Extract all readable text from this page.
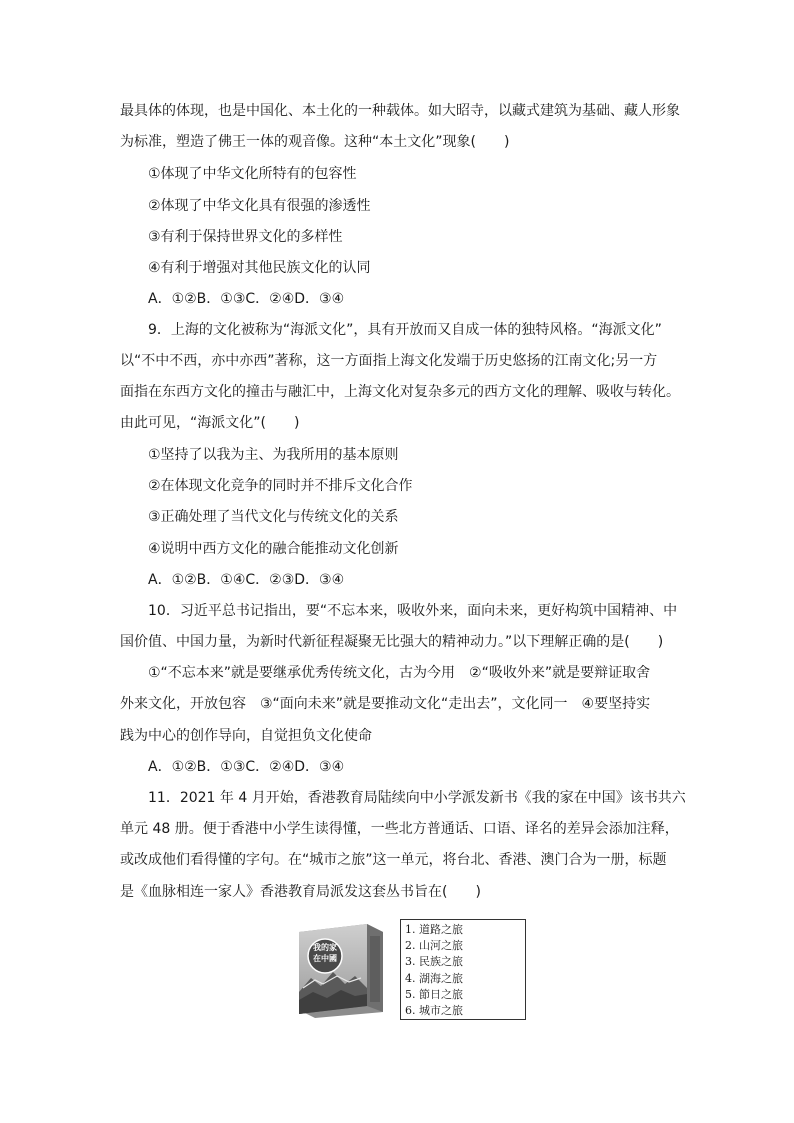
最具体的体现，也是中国化、本土化的一种载体。如大昭寺，以藏式建筑为基础、藏人形象
为标准，塑造了佛王一体的观音像。这种“本土文化”现象(　　)
①体现了中华文化所特有的包容性
②体现了中华文化具有很强的渗透性
③有利于保持世界文化的多样性
④有利于增强对其他民族文化的认同
A．①②B．①③C．②④D．③④
9．上海的文化被称为“海派文化”，具有开放而又自成一体的独特风格。“海派文化”
以“不中不西，亦中亦西”著称，这一方面指上海文化发端于历史悠扬的江南文化;另一方
面指在东西方文化的撞击与融汇中，上海文化对复杂多元的西方文化的理解、吸收与转化。
由此可见，“海派文化”(　　)
①坚持了以我为主、为我所用的基本原则
②在体现文化竞争的同时并不排斥文化合作
③正确处理了当代文化与传统文化的关系
④说明中西方文化的融合能推动文化创新
A．①②B．①④C．②③D．③④
10．习近平总书记指出，要“不忘本来，吸收外来，面向未来，更好构筑中国精神、中
国价值、中国力量，为新时代新征程凝聚无比强大的精神动力。”以下理解正确的是(　　)
①“不忘本来”就是要继承优秀传统文化，古为今用　②“吸收外来”就是要辩证取舍
外来文化，开放包容　③“面向未来”就是要推动文化“走出去”，文化同一　④要坚持实
践为中心的创作导向，自觉担负文化使命
A．①②B．①③C．②④D．③④
11．2021 年 4 月开始，香港教育局陆续向中小学派发新书《我的家在中国》该书共六
单元 48 册。便于香港中小学生读得懂，一些北方普通话、口语、译名的差异会添加注释，
或改成他们看得懂的字句。在“城市之旅”这一单元，将台北、香港、澳门合为一册，标题
是《血脉相连一家人》香港教育局派发这套丛书旨在(　　)
我的家
在中國
1. 道路之旅
2. 山河之旅
3. 民族之旅
4. 湖海之旅
5. 節日之旅
6. 城市之旅
